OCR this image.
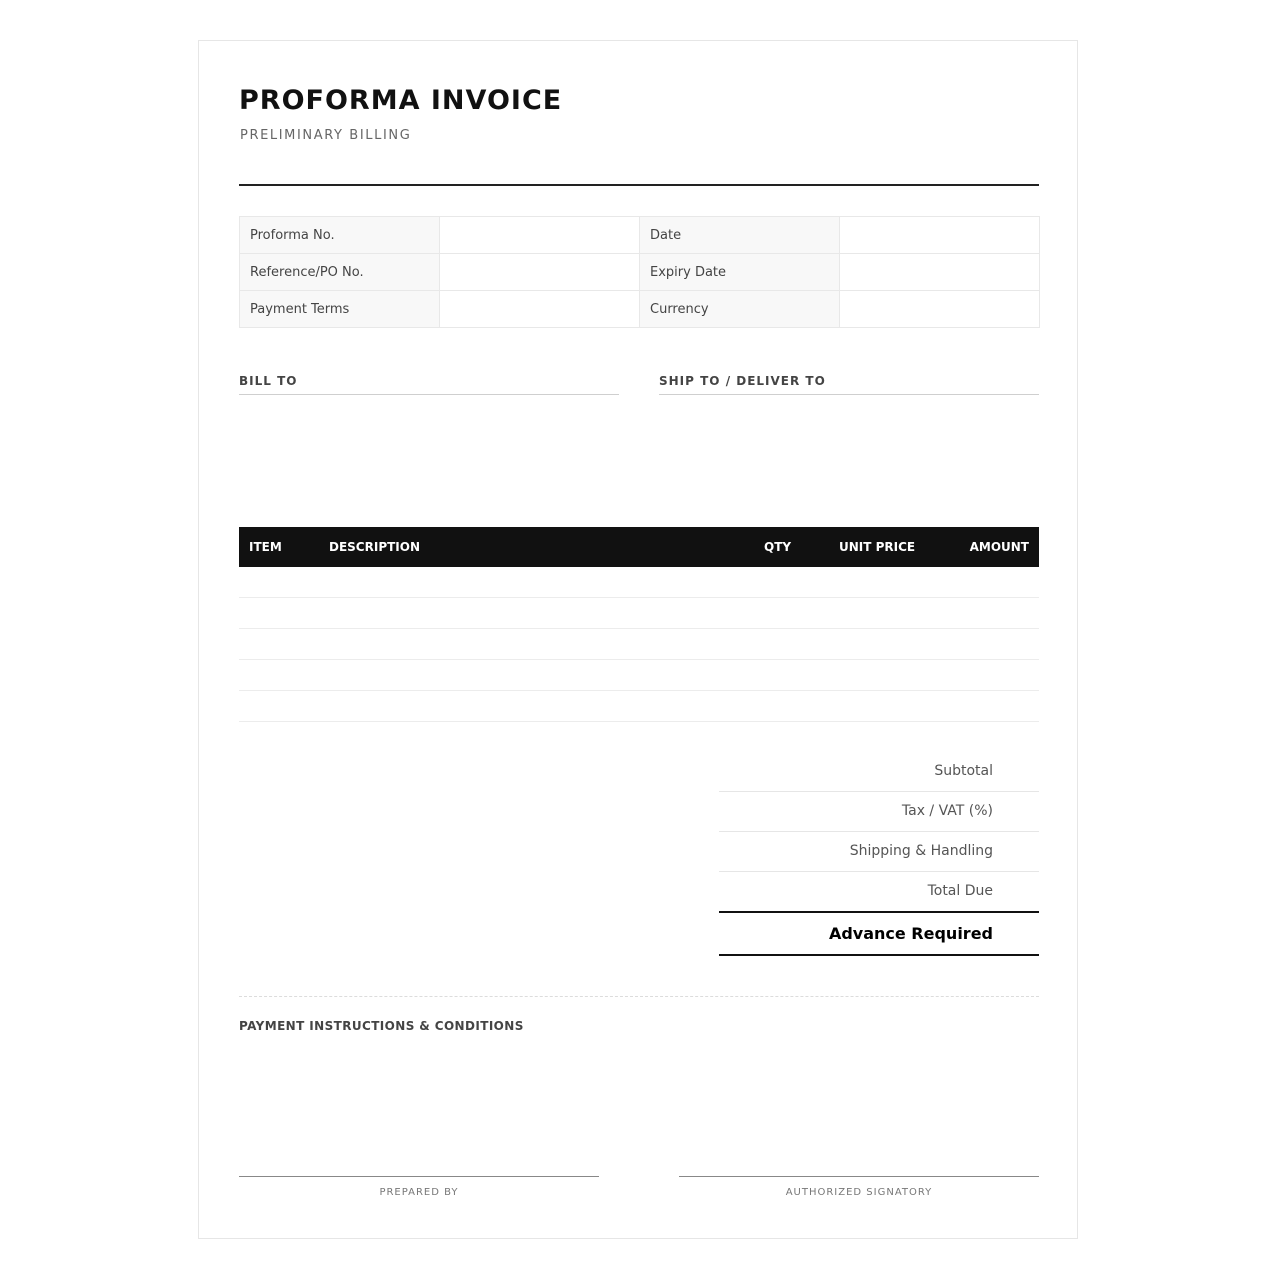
PROFORMA INVOICE
PRELIMINARY BILLING
Proforma No.		Date	
Reference/PO No.		Expiry Date	
Payment Terms		Currency	
BILL TO	SHIP TO / DELIVER TO
ITEM	DESCRIPTION	QTY	UNIT PRICE	AMOUNT
Subtotal
Tax / VAT (%)
Shipping & Handling
Total Due
Advance Required
PAYMENT INSTRUCTIONS & CONDITIONS
PREPARED BY	AUTHORIZED SIGNATORY
